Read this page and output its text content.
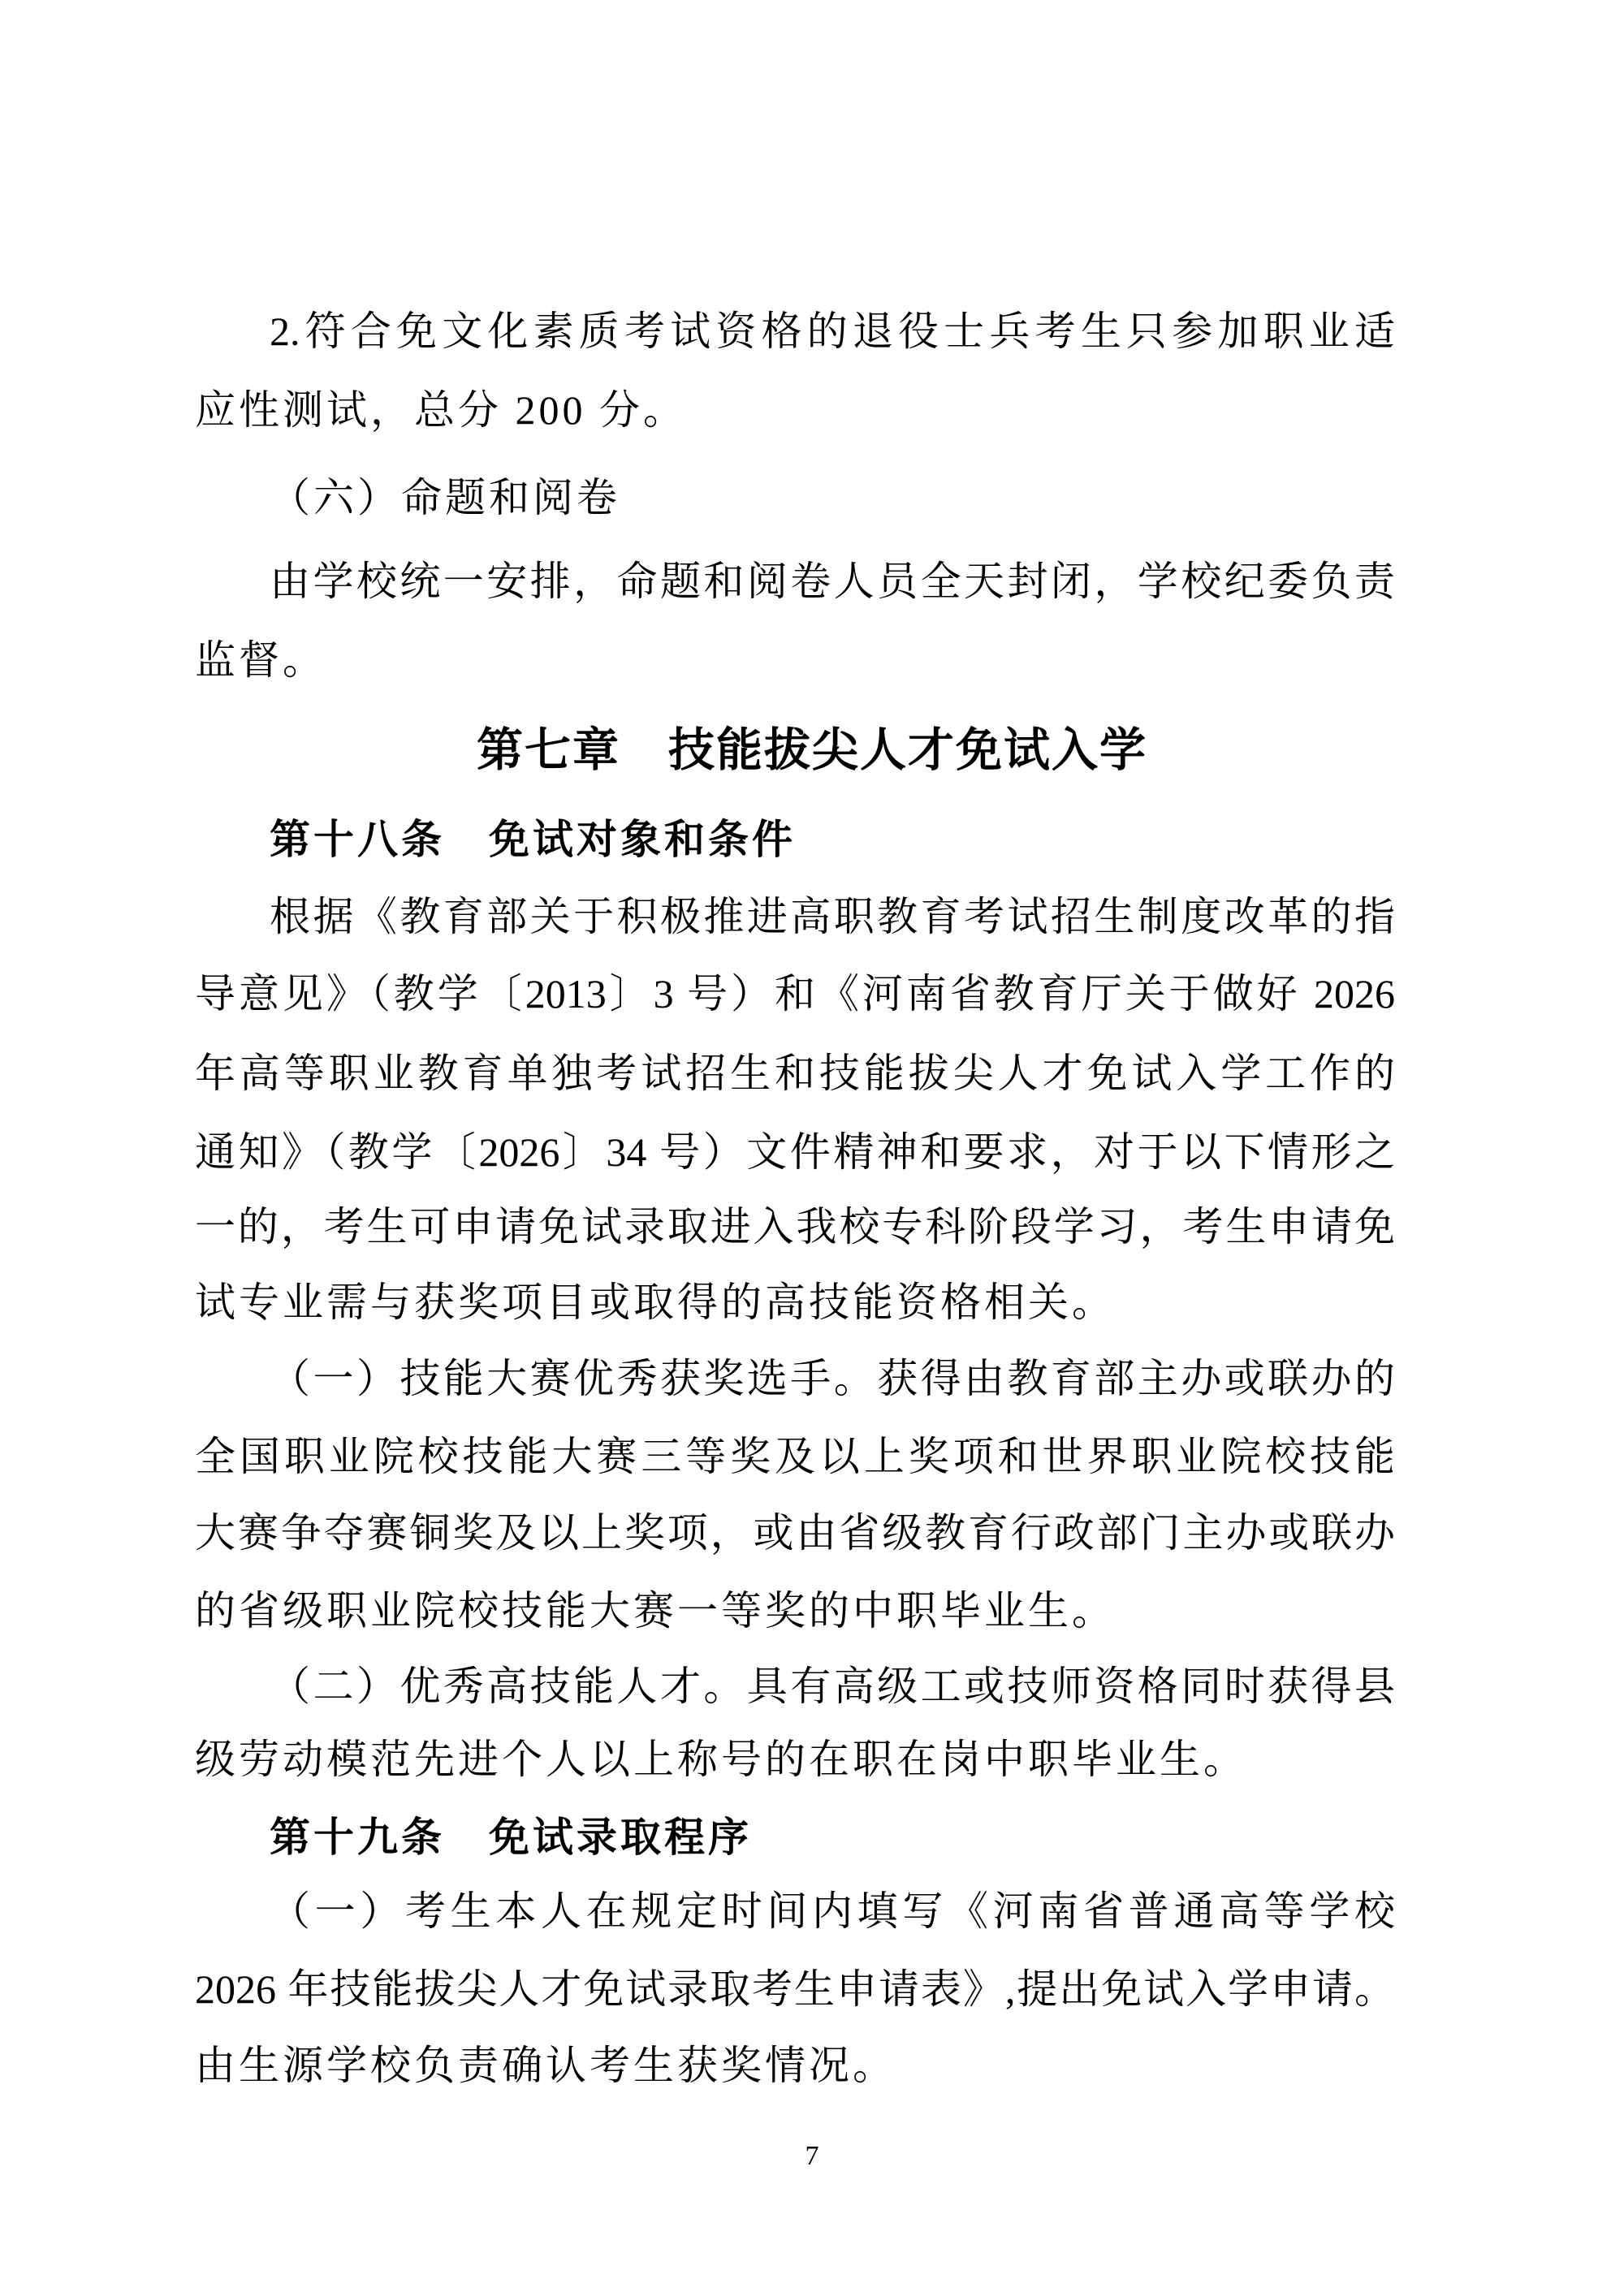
2.符合免文化素质考试资格的退役士兵考生只参加职业适
应性测试，总分 200 分。
（六）命题和阅卷
由学校统一安排，命题和阅卷人员全天封闭，学校纪委负责
监督。
第七章　技能拔尖人才免试入学
第十八条　免试对象和条件
根据《教育部关于积极推进高职教育考试招生制度改革的指
导意见》（教学〔2013〕3 号）和《河南省教育厅关于做好 2026
年高等职业教育单独考试招生和技能拔尖人才免试入学工作的
通知》（教学〔2026〕34 号）文件精神和要求，对于以下情形之
一的，考生可申请免试录取进入我校专科阶段学习，考生申请免
试专业需与获奖项目或取得的高技能资格相关。
（一）技能大赛优秀获奖选手。获得由教育部主办或联办的
全国职业院校技能大赛三等奖及以上奖项和世界职业院校技能
大赛争夺赛铜奖及以上奖项，或由省级教育行政部门主办或联办
的省级职业院校技能大赛一等奖的中职毕业生。
（二）优秀高技能人才。具有高级工或技师资格同时获得县
级劳动模范先进个人以上称号的在职在岗中职毕业生。
第十九条　免试录取程序
（一）考生本人在规定时间内填写《河南省普通高等学校
2026 年技能拔尖人才免试录取考生申请表》,提出免试入学申请。
由生源学校负责确认考生获奖情况。
7
